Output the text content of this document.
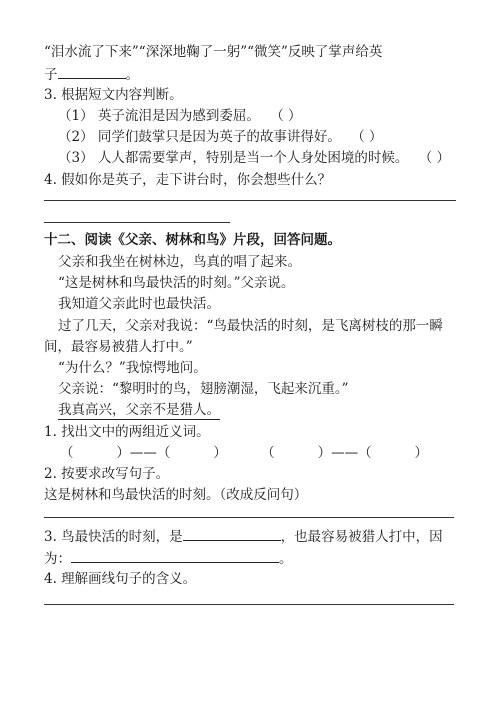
“泪水流了下来”“深深地鞠了一躬”“微笑”反映了掌声给英
子	。
3. 根据短文内容判断。
（1） 英子流泪是因为感到委屈。 （ ）
（2） 同学们鼓掌只是因为英子的故事讲得好。 （ ）
（3） 人人都需要掌声，特别是当一个人身处困境的时候。 （ ）
4. 假如你是英子，走下讲台时，你会想些什么？
十二、阅读《父亲、树林和鸟》片段，回答问题。
父亲和我坐在树林边，鸟真的唱了起来。
“这是树林和鸟最快活的时刻。”父亲说。
我知道父亲此时也最快活。
过了几天，父亲对我说：“鸟最快活的时刻，是飞离树枝的那一瞬
间，最容易被猎人打中。”
“为什么？”我惊愕地问。
父亲说：“黎明时的鸟，翅膀潮湿，飞起来沉重。”
我真高兴，父亲不是猎人。
1. 找出文中的两组近义词。
（          ）——（          ）        （          ）——（          ）
2. 按要求改写句子。
这是树林和鸟最快活的时刻。（改成反问句）
3. 鸟最快活的时刻，是	，也最容易被猎人打中，因
为：	。
4. 理解画线句子的含义。
